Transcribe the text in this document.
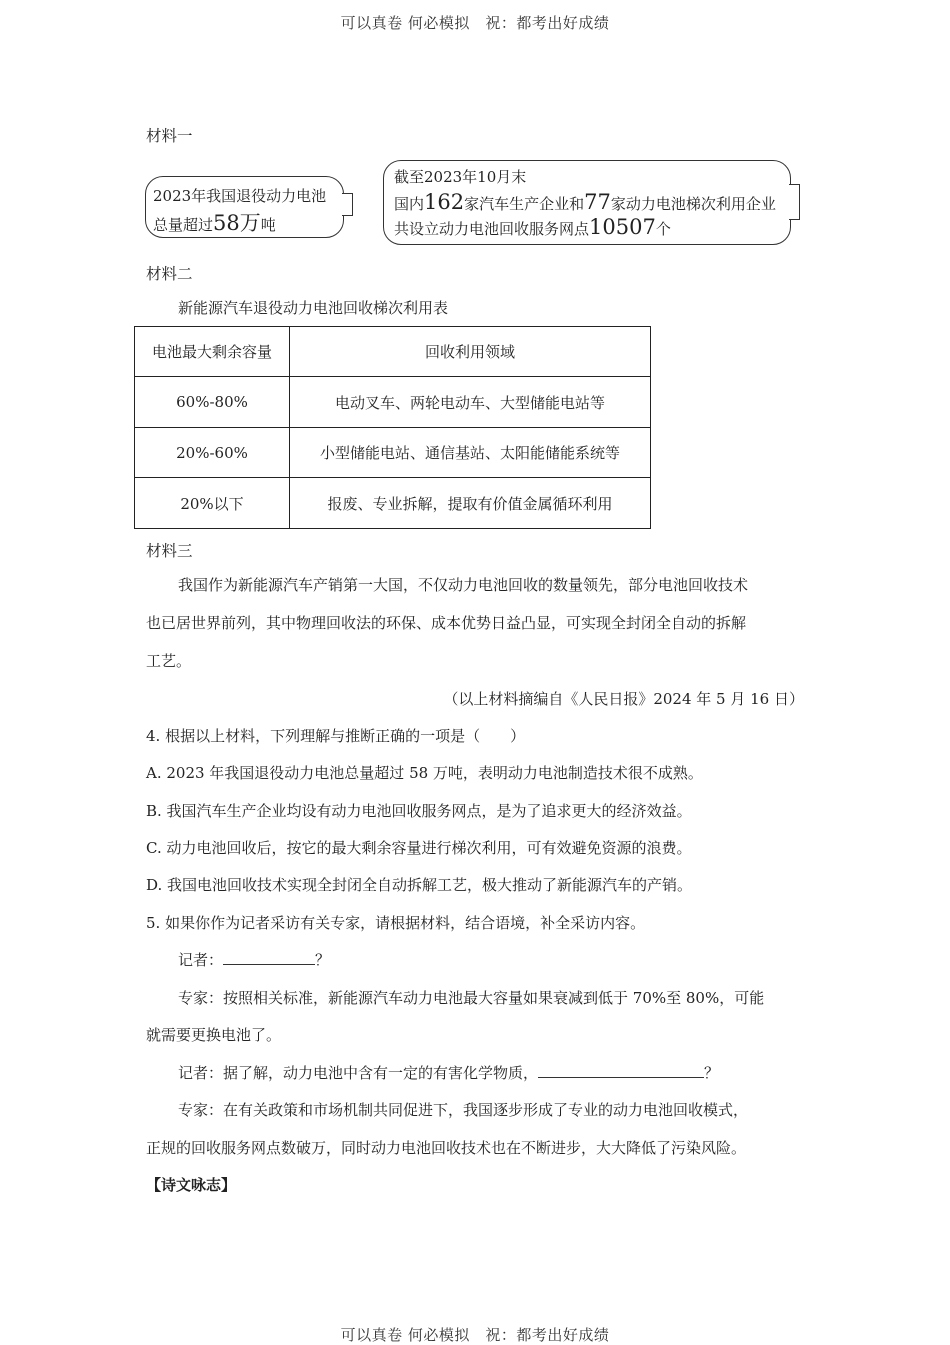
可以真卷 何必模拟　祝：都考出好成绩
材料一
2023年我国退役动力电池
总量超过58万吨
截至2023年10月末
国内162家汽车生产企业和77家动力电池梯次利用企业
共设立动力电池回收服务网点10507个
材料二
新能源汽车退役动力电池回收梯次利用表
电池最大剩余容量	回收利用领域
60%-80%	电动叉车、两轮电动车、大型储能电站等
20%-60%	小型储能电站、通信基站、太阳能储能系统等
20%以下	报废、专业拆解，提取有价值金属循环利用
材料三
我国作为新能源汽车产销第一大国，不仅动力电池回收的数量领先，部分电池回收技术
也已居世界前列，其中物理回收法的环保、成本优势日益凸显，可实现全封闭全自动的拆解
工艺。
（以上材料摘编自《人民日报》2024 年 5 月 16 日）
4. 根据以上材料，下列理解与推断正确的一项是（　　）
A. 2023 年我国退役动力电池总量超过 58 万吨，表明动力电池制造技术很不成熟。
B. 我国汽车生产企业均设有动力电池回收服务网点，是为了追求更大的经济效益。
C. 动力电池回收后，按它的最大剩余容量进行梯次利用，可有效避免资源的浪费。
D. 我国电池回收技术实现全封闭全自动拆解工艺，极大推动了新能源汽车的产销。
5. 如果你作为记者采访有关专家，请根据材料，结合语境，补全采访内容。
记者：	？
专家：按照相关标准，新能源汽车动力电池最大容量如果衰减到低于 70%至 80%，可能
就需要更换电池了。
记者：据了解，动力电池中含有一定的有害化学物质，	？
专家：在有关政策和市场机制共同促进下，我国逐步形成了专业的动力电池回收模式，
正规的回收服务网点数破万，同时动力电池回收技术也在不断进步，大大降低了污染风险。
【诗文咏志】
可以真卷 何必模拟　祝：都考出好成绩
